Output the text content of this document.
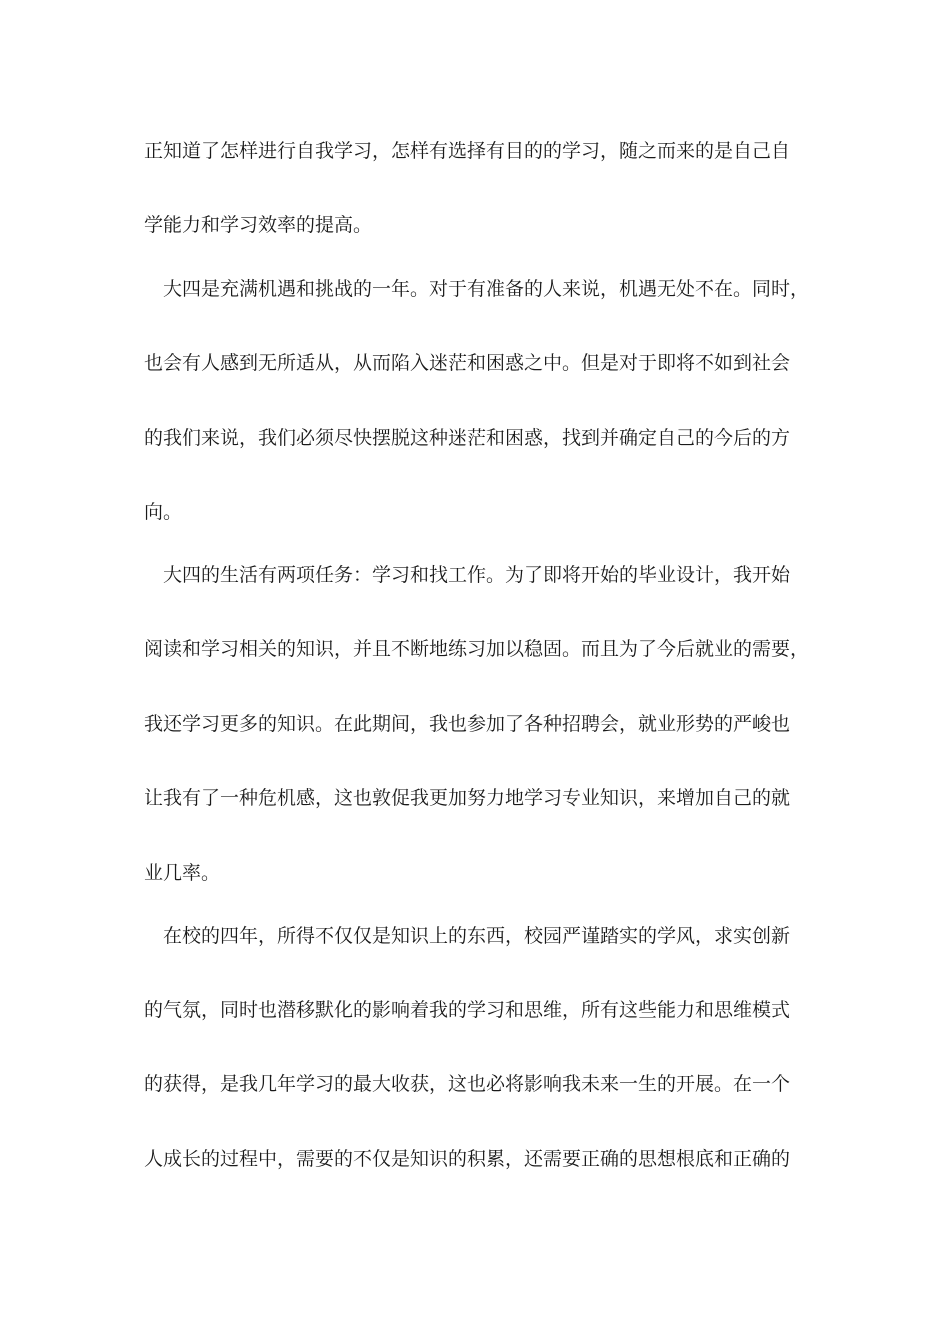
正知道了怎样进行自我学习，怎样有选择有目的的学习，随之而来的是自己自
学能力和学习效率的提高。
大四是充满机遇和挑战的一年。对于有准备的人来说，机遇无处不在。同时，
也会有人感到无所适从，从而陷入迷茫和困惑之中。但是对于即将不如到社会
的我们来说，我们必须尽快摆脱这种迷茫和困惑，找到并确定自己的今后的方
向。
大四的生活有两项任务：学习和找工作。为了即将开始的毕业设计，我开始
阅读和学习相关的知识，并且不断地练习加以稳固。而且为了今后就业的需要，
我还学习更多的知识。在此期间，我也参加了各种招聘会，就业形势的严峻也
让我有了一种危机感，这也敦促我更加努力地学习专业知识，来增加自己的就
业几率。
在校的四年，所得不仅仅是知识上的东西，校园严谨踏实的学风，求实创新
的气氛，同时也潜移默化的影响着我的学习和思维，所有这些能力和思维模式
的获得，是我几年学习的最大收获，这也必将影响我未来一生的开展。在一个
人成长的过程中，需要的不仅是知识的积累，还需要正确的思想根底和正确的
